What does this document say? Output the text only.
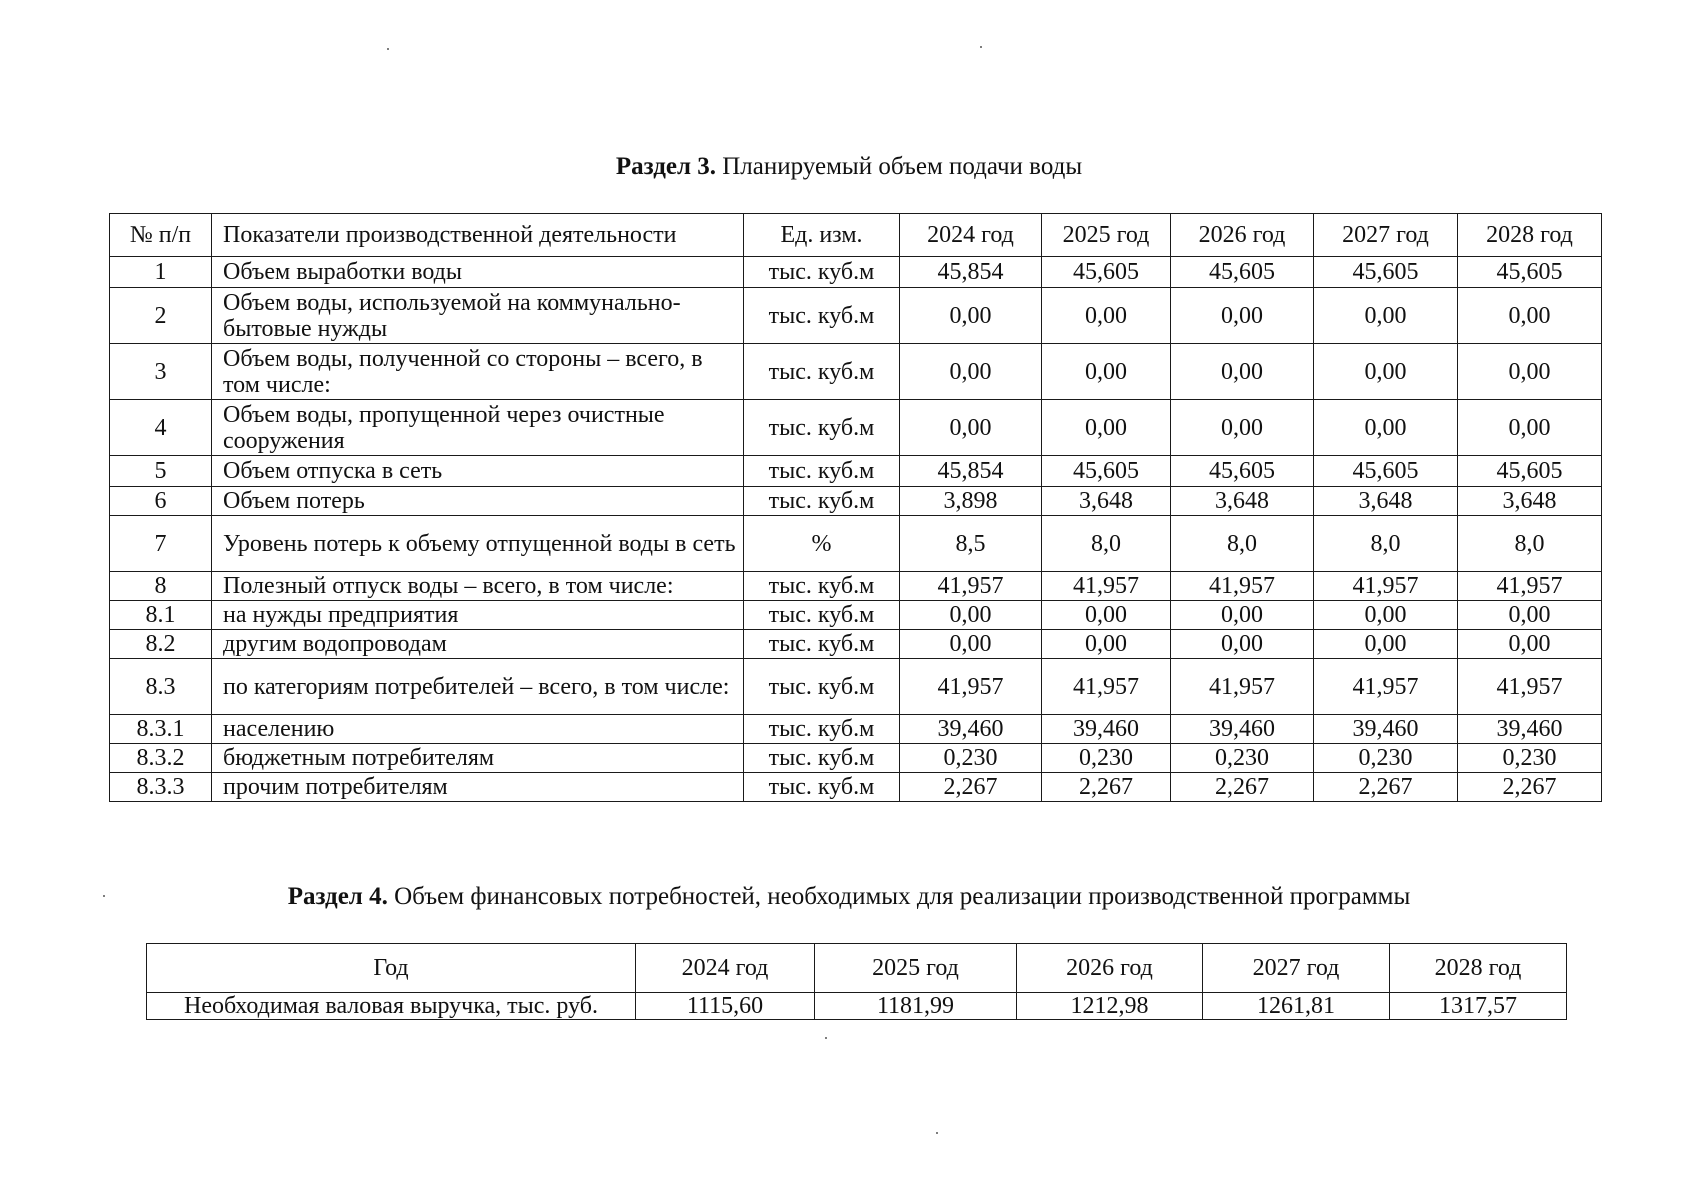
Раздел 3. Планируемый объем подачи воды
№ п/п	Показатели производственной деятельности	Ед. изм.	2024 год	2025 год	2026 год	2027 год	2028 год
1	Объем выработки воды	тыс. куб.м	45,854	45,605	45,605	45,605	45,605
2	Объем воды, используемой на коммунально-бытовые нужды	тыс. куб.м	0,00	0,00	0,00	0,00	0,00
3	Объем воды, полученной со стороны – всего, в том числе:	тыс. куб.м	0,00	0,00	0,00	0,00	0,00
4	Объем воды, пропущенной через очистные сооружения	тыс. куб.м	0,00	0,00	0,00	0,00	0,00
5	Объем отпуска в сеть	тыс. куб.м	45,854	45,605	45,605	45,605	45,605
6	Объем потерь	тыс. куб.м	3,898	3,648	3,648	3,648	3,648
7	Уровень потерь к объему отпущенной воды в сеть	%	8,5	8,0	8,0	8,0	8,0
8	Полезный отпуск воды – всего, в том числе:	тыс. куб.м	41,957	41,957	41,957	41,957	41,957
8.1	на нужды предприятия	тыс. куб.м	0,00	0,00	0,00	0,00	0,00
8.2	другим водопроводам	тыс. куб.м	0,00	0,00	0,00	0,00	0,00
8.3	по категориям потребителей – всего, в том числе:	тыс. куб.м	41,957	41,957	41,957	41,957	41,957
8.3.1	населению	тыс. куб.м	39,460	39,460	39,460	39,460	39,460
8.3.2	бюджетным потребителям	тыс. куб.м	0,230	0,230	0,230	0,230	0,230
8.3.3	прочим потребителям	тыс. куб.м	2,267	2,267	2,267	2,267	2,267
Раздел 4. Объем финансовых потребностей, необходимых для реализации производственной программы
Год	2024 год	2025 год	2026 год	2027 год	2028 год
Необходимая валовая выручка, тыс. руб.	1115,60	1181,99	1212,98	1261,81	1317,57
